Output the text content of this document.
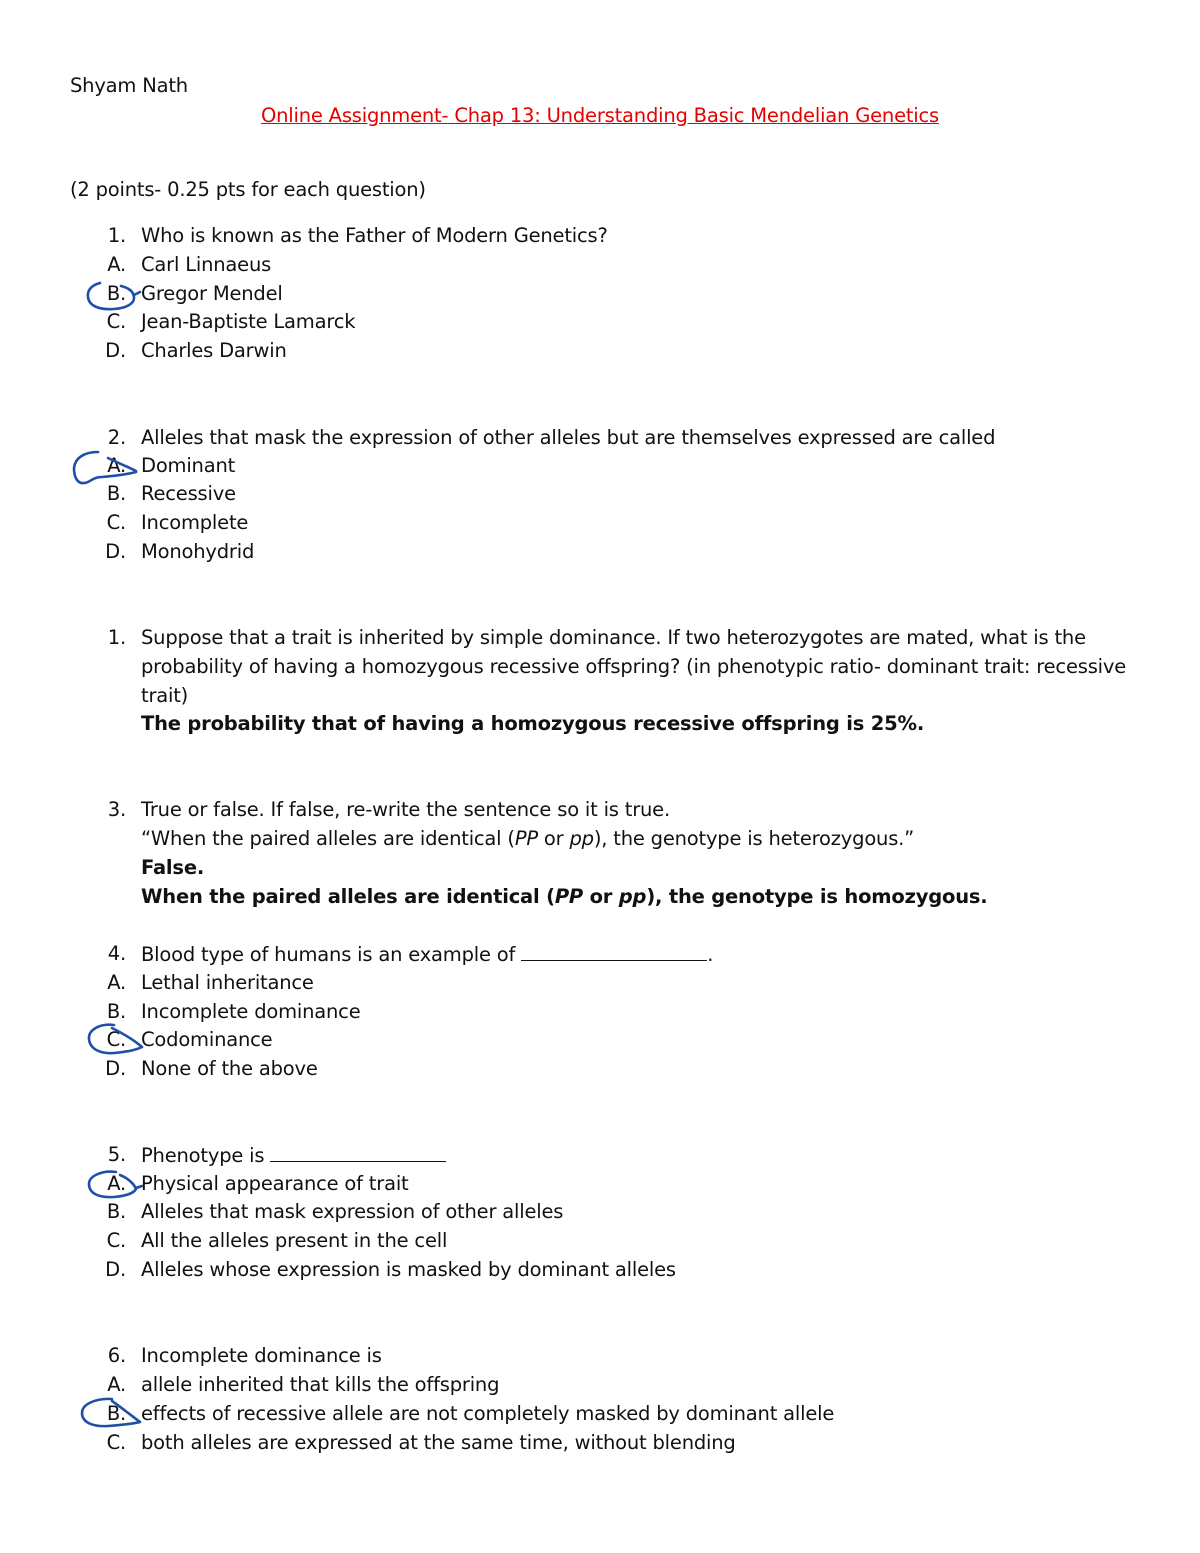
Shyam Nath
Online Assignment- Chap 13: Understanding Basic Mendelian Genetics
(2 points- 0.25 pts for each question)
1. Who is known as the Father of Modern Genetics?
A. Carl Linnaeus
B. Gregor Mendel
C. Jean-Baptiste Lamarck
D. Charles Darwin
2. Alleles that mask the expression of other alleles but are themselves expressed are called
A. Dominant
B. Recessive
C. Incomplete
D. Monohydrid
1. Suppose that a trait is inherited by simple dominance. If two heterozygotes are mated, what is the
probability of having a homozygous recessive offspring? (in phenotypic ratio- dominant trait: recessive
trait)
The probability that of having a homozygous recessive offspring is 25%.
3. True or false. If false, re-write the sentence so it is true.
“When the paired alleles are identical (PP or pp), the genotype is heterozygous.”
False.
When the paired alleles are identical (PP or pp), the genotype is homozygous.
4. Blood type of humans is an example of	.
A. Lethal inheritance
B. Incomplete dominance
C. Codominance
D. None of the above
5. Phenotype is
A. Physical appearance of trait
B. Alleles that mask expression of other alleles
C. All the alleles present in the cell
D. Alleles whose expression is masked by dominant alleles
6. Incomplete dominance is
A. allele inherited that kills the offspring
B. effects of recessive allele are not completely masked by dominant allele
C. both alleles are expressed at the same time, without blending
